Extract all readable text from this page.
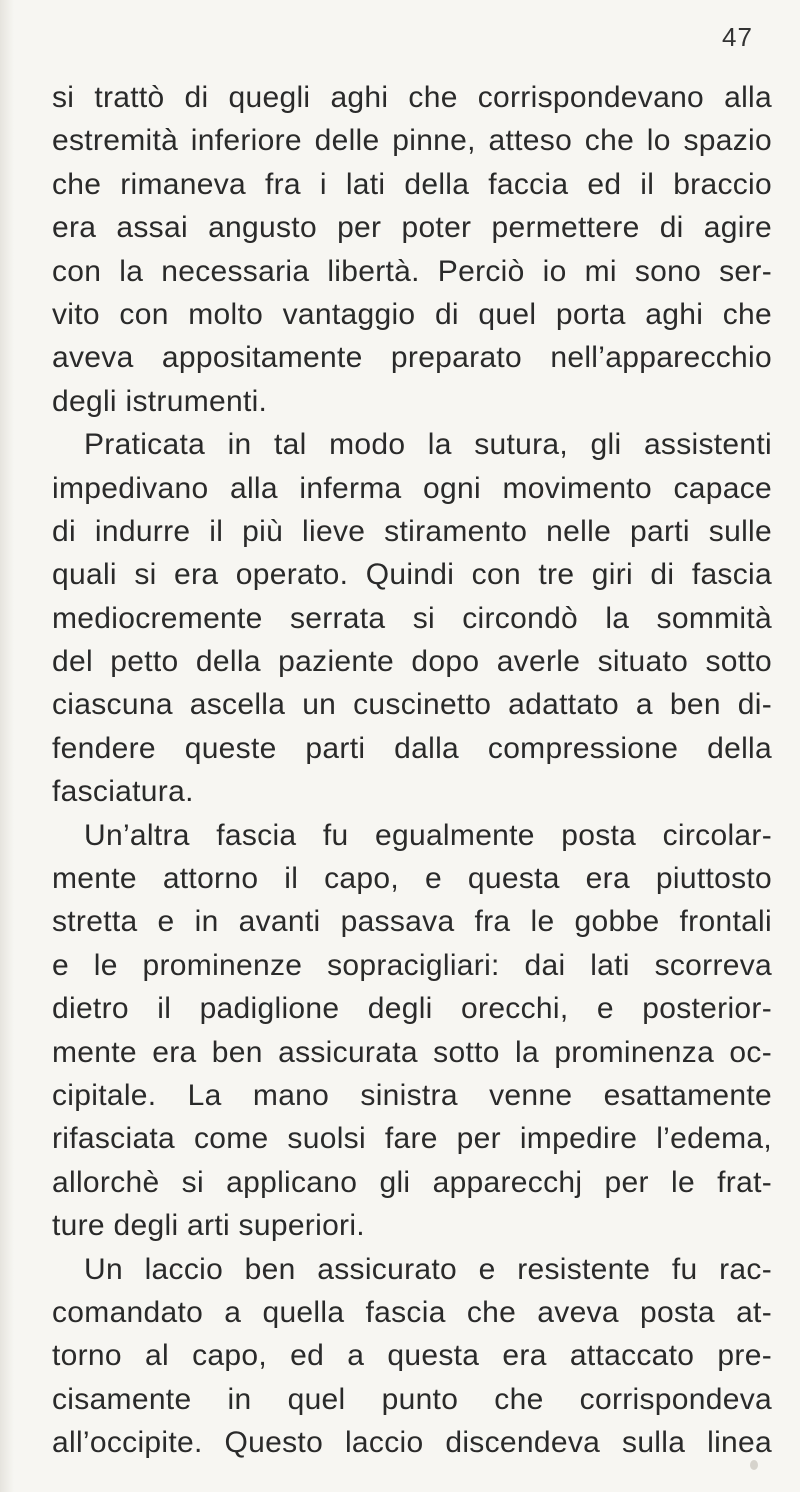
47
si trattò di quegli aghi che corrispondevano alla
estremità inferiore delle pinne, atteso che lo spazio
che rimaneva fra i lati della faccia ed il braccio
era assai angusto per poter permettere di agire
con la necessaria libertà. Perciò io mi sono ser-
vito con molto vantaggio di quel porta aghi che
aveva appositamente preparato nell’apparecchio
degli istrumenti.
Praticata in tal modo la sutura, gli assistenti
impedivano alla inferma ogni movimento capace
di indurre il più lieve stiramento nelle parti sulle
quali si era operato. Quindi con tre giri di fascia
mediocremente serrata si circondò la sommità
del petto della paziente dopo averle situato sotto
ciascuna ascella un cuscinetto adattato a ben di-
fendere queste parti dalla compressione della
fasciatura.
Un’altra fascia fu egualmente posta circolar-
mente attorno il capo, e questa era piuttosto
stretta e in avanti passava fra le gobbe frontali
e le prominenze sopracigliari: dai lati scorreva
dietro il padiglione degli orecchi, e posterior-
mente era ben assicurata sotto la prominenza oc-
cipitale. La mano sinistra venne esattamente
rifasciata come suolsi fare per impedire l’edema,
allorchè si applicano gli apparecchj per le frat-
ture degli arti superiori.
Un laccio ben assicurato e resistente fu rac-
comandato a quella fascia che aveva posta at-
torno al capo, ed a questa era attaccato pre-
cisamente in quel punto che corrispondeva
all’occipite. Questo laccio discendeva sulla linea
